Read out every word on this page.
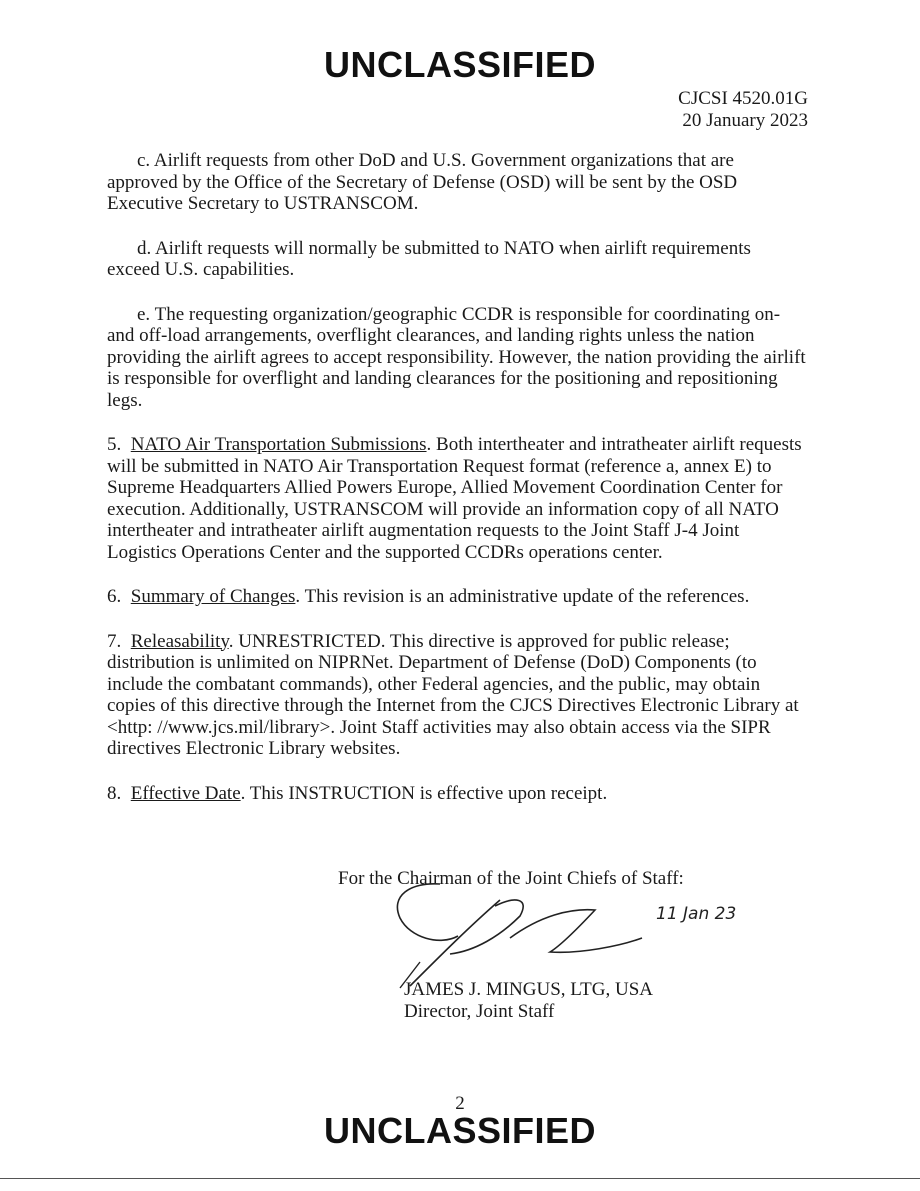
UNCLASSIFIED
CJCSI 4520.01G
20 January 2023

c. Airlift requests from other DoD and U.S. Government organizations that are approved by the Office of the Secretary of Defense (OSD) will be sent by the OSD Executive Secretary to USTRANSCOM.

d. Airlift requests will normally be submitted to NATO when airlift requirements exceed U.S. capabilities.

e. The requesting organization/geographic CCDR is responsible for coordinating on- and off-load arrangements, overflight clearances, and landing rights unless the nation providing the airlift agrees to accept responsibility. However, the nation providing the airlift is responsible for overflight and landing clearances for the positioning and repositioning legs.

5. NATO Air Transportation Submissions. Both intertheater and intratheater airlift requests will be submitted in NATO Air Transportation Request format (reference a, annex E) to Supreme Headquarters Allied Powers Europe, Allied Movement Coordination Center for execution. Additionally, USTRANSCOM will provide an information copy of all NATO intertheater and intratheater airlift augmentation requests to the Joint Staff J-4 Joint Logistics Operations Center and the supported CCDRs operations center.

6. Summary of Changes. This revision is an administrative update of the references.

7. Releasability. UNRESTRICTED. This directive is approved for public release; distribution is unlimited on NIPRNet. Department of Defense (DoD) Components (to include the combatant commands), other Federal agencies, and the public, may obtain copies of this directive through the Internet from the CJCS Directives Electronic Library at <http: //www.jcs.mil/library>. Joint Staff activities may also obtain access via the SIPR directives Electronic Library websites.

8. Effective Date. This INSTRUCTION is effective upon receipt.

For the Chairman of the Joint Chiefs of Staff:
11 Jan 23
JAMES J. MINGUS, LTG, USA
Director, Joint Staff
2
UNCLASSIFIED
